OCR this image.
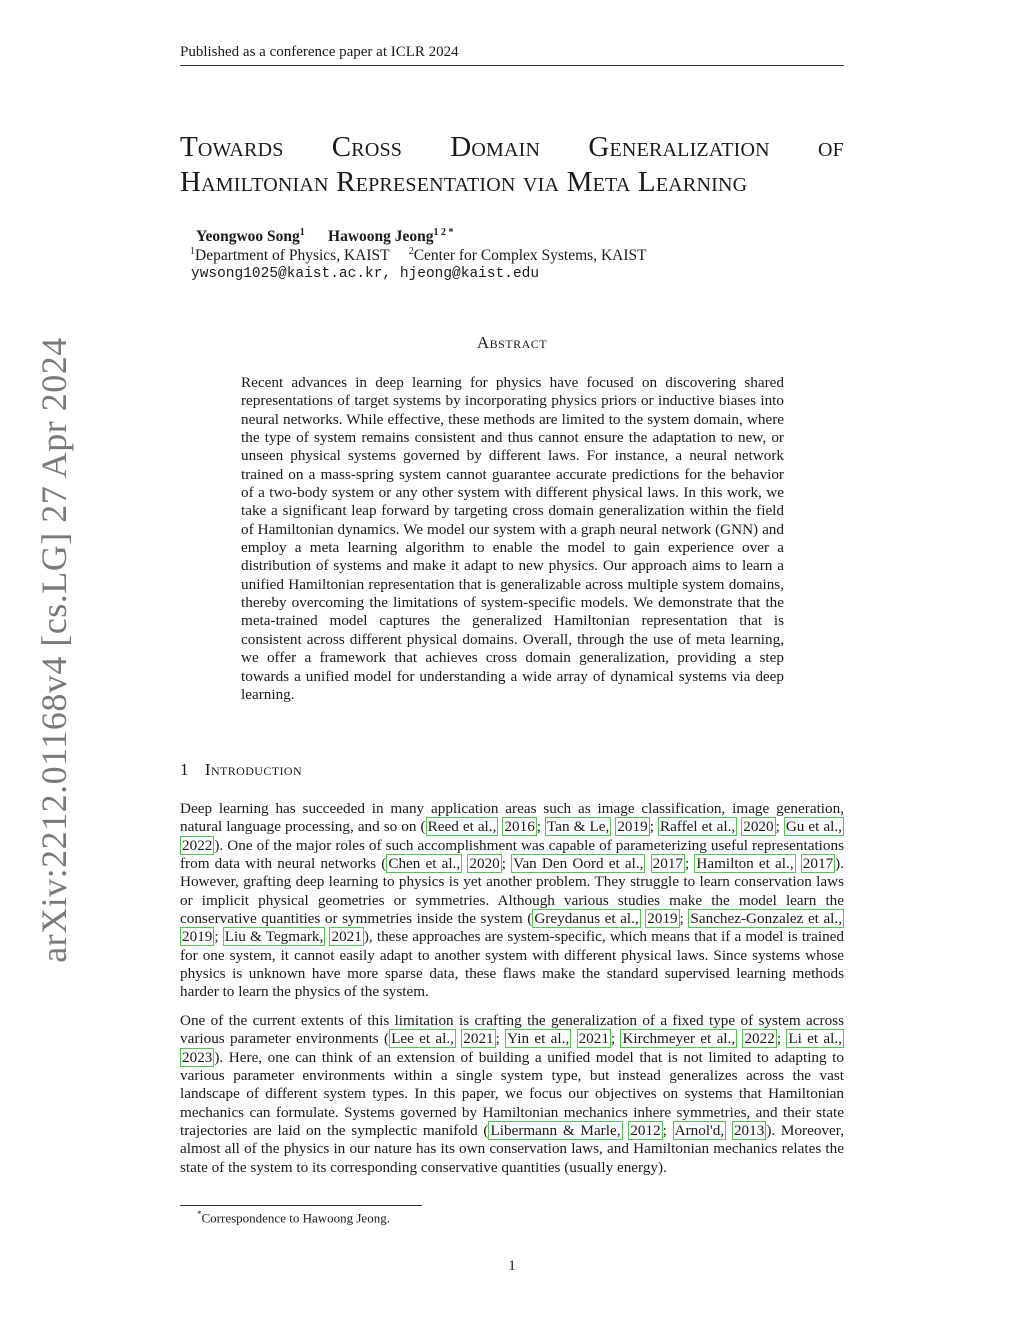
Published as a conference paper at ICLR 2024
arXiv:2212.01168v4 [cs.LG] 27 Apr 2024
Towards Cross Domain Generalization of
Hamiltonian Representation via Meta Learning
Yeongwoo Song$^1$ Hawoong Jeong$^{1 2 *}$
$^1$Department of Physics, KAIST $^2$Center for Complex Systems, KAIST
ywsong1025@kaist.ac.kr, hjeong@kaist.edu
Abstract
Recent advances in deep learning for physics have focused on discovering shared representations of target systems by incorporating physics priors or inductive biases into neural networks. While effective, these methods are limited to the system domain, where the type of system remains consistent and thus cannot ensure the adaptation to new, or unseen physical systems governed by different laws. For instance, a neural network trained on a mass-spring system cannot guarantee accurate predictions for the behavior of a two-body system or any other system with different physical laws. In this work, we take a significant leap forward by targeting cross domain generalization within the field of Hamiltonian dynamics. We model our system with a graph neural network (GNN) and employ a meta learning algorithm to enable the model to gain experience over a distribution of systems and make it adapt to new physics. Our approach aims to learn a unified Hamiltonian representation that is generalizable across multiple system domains, thereby overcoming the limitations of system-specific models. We demonstrate that the meta-trained model captures the generalized Hamiltonian representation that is consistent across different physical domains. Overall, through the use of meta learning, we offer a framework that achieves cross domain generalization, providing a step towards a unified model for understanding a wide array of dynamical systems via deep learning.
1 Introduction
Deep learning has succeeded in many application areas such as image classification, image generation, natural language processing, and so on ( Reed et al., 2016 ; Tan & Le, 2019 ; Raffel et al., 2020 ; Gu et al., 2022 ). One of the major roles of such accomplishment was capable of parameterizing useful representations from data with neural networks ( Chen et al., 2020 ; Van Den Oord et al., 2017 ; Hamilton et al., 2017 ). However, grafting deep learning to physics is yet another problem. They struggle to learn conservation laws or implicit physical geometries or symmetries. Although various studies make the model learn the conservative quantities or symmetries inside the system ( Greydanus et al., 2019 ; Sanchez-Gonzalez et al., 2019 ; Liu & Tegmark, 2021 ), these approaches are system-specific, which means that if a model is trained for one system, it cannot easily adapt to another system with different physical laws. Since systems whose physics is unknown have more sparse data, these flaws make the standard supervised learning methods harder to learn the physics of the system.
One of the current extents of this limitation is crafting the generalization of a fixed type of system across various parameter environments ( Lee et al., 2021 ; Yin et al., 2021 ; Kirchmeyer et al., 2022 ; Li et al., 2023 ). Here, one can think of an extension of building a unified model that is not limited to adapting to various parameter environments within a single system type, but instead generalizes across the vast landscape of different system types. In this paper, we focus our objectives on systems that Hamiltonian mechanics can formulate. Systems governed by Hamiltonian mechanics inhere symmetries, and their state trajectories are laid on the symplectic manifold ( Libermann & Marle, 2012 ; Arnol'd, 2013 ). Moreover, almost all of the physics in our nature has its own conservation laws, and Hamiltonian mechanics relates the state of the system to its corresponding conservative quantities (usually energy).
*Correspondence to Hawoong Jeong.
1
